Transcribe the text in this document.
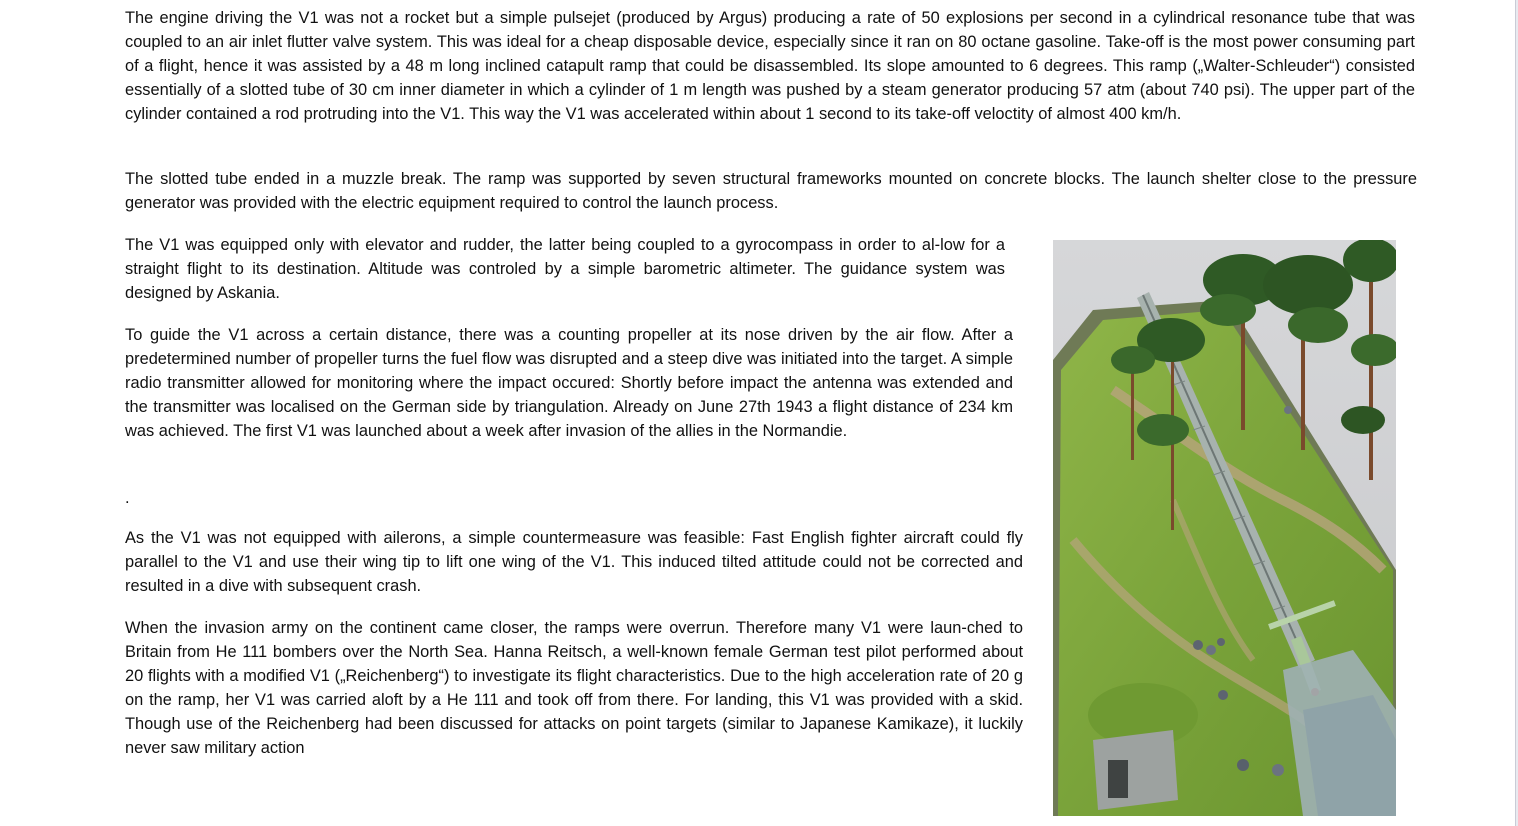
The engine driving the V1 was not a rocket but a simple pulsejet (produced by Argus) producing a rate of 50 explosions per second in a cylindrical resonance tube that was coupled to an air inlet flutter valve system. This was ideal for a cheap disposable device, especially since it ran on 80 octane gasoline. Take-off is the most power consuming part of a flight, hence it was assisted by a 48 m long inclined catapult ramp that could be disassembled. Its slope amounted to 6 degrees. This ramp („Walter-Schleuder“) consisted essentially of a slotted tube of 30 cm inner diameter in which a cylinder of 1 m length was pushed by a steam generator producing 57 atm (about 740 psi). The upper part of the cylinder contained a rod protruding into the V1. This way the V1 was accelerated within about 1 second to its take-off veloctity of almost 400 km/h.

The slotted tube ended in a muzzle break. The ramp was supported by seven structural frameworks mounted on concrete blocks. The launch shelter close to the pressure generator was provided with the electric equipment required to control the launch process.

The V1 was equipped only with elevator and rudder, the latter being coupled to a gyrocompass in order to al-low for a straight flight to its destination. Altitude was controled by a simple barometric altimeter. The guidance system was designed by Askania.

To guide the V1 across a certain distance, there was a counting propeller at its nose driven by the air flow. After a predetermined number of propeller turns the fuel flow was disrupted and a steep dive was initiated into the target. A simple radio transmitter allowed for monitoring where the impact occured: Shortly before impact the antenna was extended and the transmitter was localised on the German side by triangulation. Already on June 27th 1943 a flight distance of 234 km was achieved. The first V1 was launched about a week after invasion of the allies in the Normandie.

.

As the V1 was not equipped with ailerons, a simple countermeasure was feasible: Fast English fighter aircraft could fly parallel to the V1 and use their wing tip to lift one wing of the V1. This induced tilted attitude could not be corrected and resulted in a dive with subsequent crash.

When the invasion army on the continent came closer, the ramps were overrun. Therefore many V1 were laun-ched to Britain from He 111 bombers over the North Sea. Hanna Reitsch, a well-known female German test pilot performed about 20 flights with a modified V1 („Reichenberg“) to investigate its flight characteristics. Due to the high acceleration rate of 20 g on the ramp, her V1 was carried aloft by a He 111 and took off from there. For landing, this V1 was provided with a skid. Though use of the Reichenberg had been discussed for attacks on point targets (similar to Japanese Kamikaze), it luckily never saw military action
